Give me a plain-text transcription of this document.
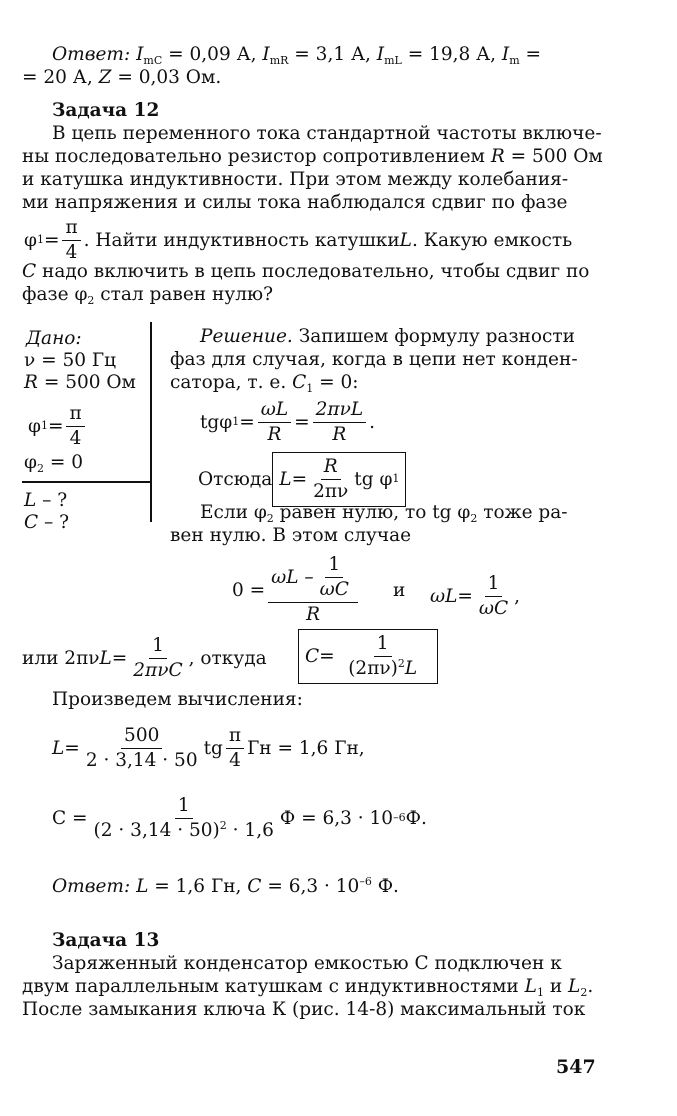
Ответ: $I_{mC} = 0,09$ А, $I_{mR} = 3,1$ А, $I_{mL} = 19,8$ А, $I_m$ =
= 20 А, Z = 0,03 Ом.
Задача 12
В цепь переменного тока стандартной частоты включе-
ны последовательно резистор сопротивлением R = 500 Ом
и катушка индуктивности. При этом между колебания-
ми напряжения и силы тока наблюдался сдвиг по фазе
φ $1 = \frac{\pi}{4}$ . Найти индуктивность катушки L . Какую емкость
C надо включить в цепь последовательно, чтобы сдвиг по
фазе $\varphi_2$ стал равен нулю?
Дано:
ν = 50 Гц
R = 500 Ом
φ $1 = \frac{\pi}{4}$
$\varphi_2 = 0$
L – ?
C – ?
Решение. Запишем формулу разности
фаз для случая, когда в цепи нет конден-
сатора, т. е. $C_1 = 0$:
tgφ $1 = \frac{\omega L}{R} = \frac{\text{2πνL}}{R}$ .
Отсюда $L = \frac{R}{2\pi\nu}$ tg φ 1
Если $\varphi_2$ равен нулю, то tg $\varphi_2$ тоже ра-
вен нулю. В этом случае
$0 = \frac{\omega L - \frac{1}{\omega C}}{R}$ и $\omega L = \frac{1}{\omega C}$ ,
или 2πν $L = \frac{1}{\text{2πνC}}$ , откуда $C = \frac{1}{(2\pi\nu)^2L}$
Произведем вычисления:
$L = \frac{500}{2 \cdot 3,14 \cdot 50}$ tg $\frac{\pi}{4}$ Гн = 1,6 Гн,
$C = \frac{1}{(2 \cdot 3,14 \cdot 50)^2 \cdot 1,6}$ Ф = 6,3 · 10 –6 Ф.
Ответ: L = 1,6 Гн, $C = 6,3 \cdot 10^{-6}$ Ф.
Задача 13
Заряженный конденсатор емкостью С подключен к
двум параллельным катушкам с индуктивностями $L_1$ и $L_2$.
После замыкания ключа К (рис. 14-8) максимальный ток
547
